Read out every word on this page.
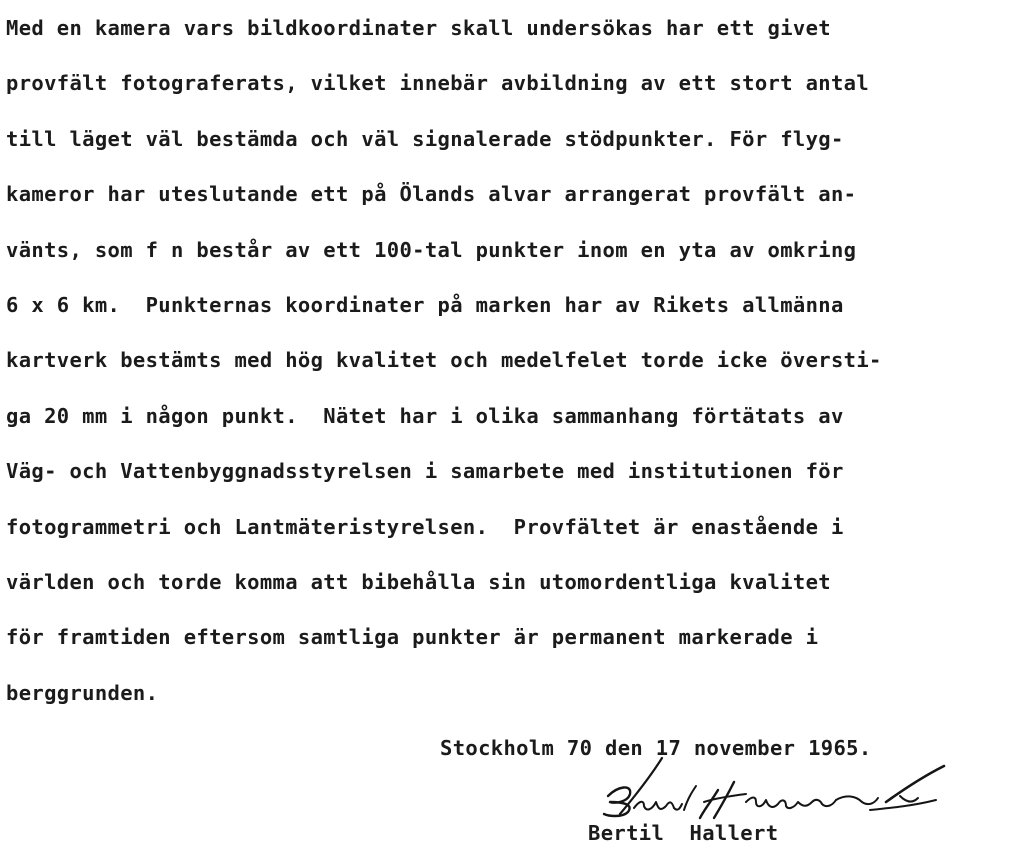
Med en kamera vars bildkoordinater skall undersökas har ett givet
provfält fotograferats, vilket innebär avbildning av ett stort antal
till läget väl bestämda och väl signalerade stödpunkter. För flyg-
kameror har uteslutande ett på Ölands alvar arrangerat provfält an-
vänts, som f n består av ett 100-tal punkter inom en yta av omkring
6 x 6 km.  Punkternas koordinater på marken har av Rikets allmänna
kartverk bestämts med hög kvalitet och medelfelet torde icke översti-
ga 20 mm i någon punkt.  Nätet har i olika sammanhang förtätats av
Väg- och Vattenbyggnadsstyrelsen i samarbete med institutionen för
fotogrammetri och Lantmäteristyrelsen.  Provfältet är enastående i
världen och torde komma att bibehålla sin utomordentliga kvalitet
för framtiden eftersom samtliga punkter är permanent markerade i
berggrunden.
Stockholm 70 den 17 november 1965.
Bertil  Hallert
